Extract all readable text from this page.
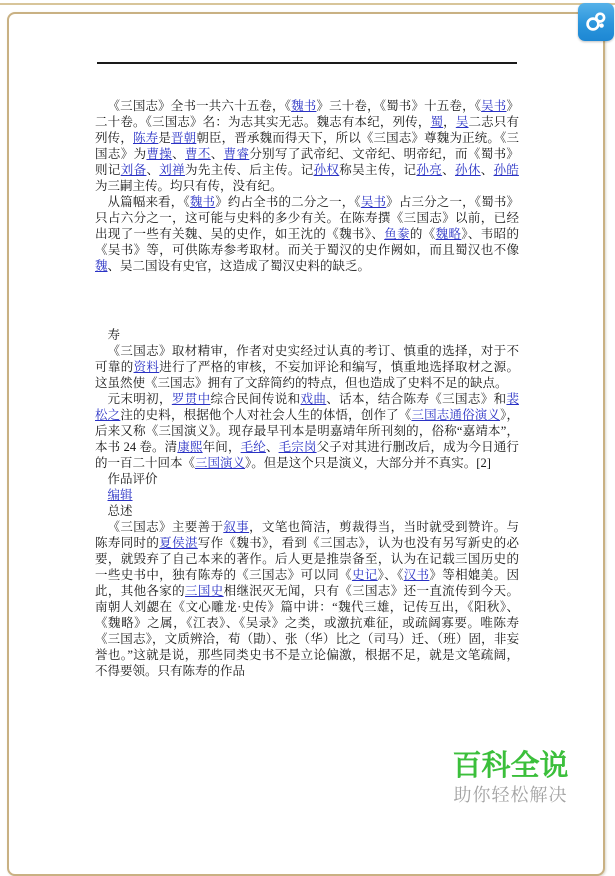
《三国志》全书一共六十五卷，《魏书》三十卷，《蜀书》十五卷，《吴书》二十卷。《三国志》名：为志其实无志。魏志有本纪，列传，蜀，吴二志只有列传，陈寿是晋朝朝臣，晋承魏而得天下，所以《三国志》尊魏为正统。《三国志》为曹操、曹丕、曹睿分别写了武帝纪、文帝纪、明帝纪，而《蜀书》则记刘备、刘禅为先主传、后主传。记孙权称吴主传，记孙亮、孙休、孙皓为三嗣主传。均只有传，没有纪。

从篇幅来看，《魏书》约占全书的二分之一，《吴书》占三分之一，《蜀书》只占六分之一，这可能与史料的多少有关。在陈寿撰《三国志》以前，已经出现了一些有关魏、吴的史作，如王沈的《魏书》、鱼豢的《魏略》、韦昭的《吴书》等，可供陈寿参考取材。而关于蜀汉的史作阙如，而且蜀汉也不像魏、吴二国设有史官，这造成了蜀汉史料的缺乏。

寿

《三国志》取材精审，作者对史实经过认真的考订、慎重的选择，对于不可靠的资料进行了严格的审核，不妄加评论和编写，慎重地选择取材之源。这虽然使《三国志》拥有了文辞简约的特点，但也造成了史料不足的缺点。

元末明初，罗贯中综合民间传说和戏曲、话本，结合陈寿《三国志》和裴松之注的史料，根据他个人对社会人生的体悟，创作了《三国志通俗演义》，后来又称《三国演义》。现存最早刊本是明嘉靖年所刊刻的，俗称“嘉靖本”，本书 24 卷。清康熙年间，毛纶、毛宗岗父子对其进行删改后，成为今日通行的一百二十回本《三国演义》。但是这个只是演义，大部分并不真实。[2]

作品评价

编辑

总述

《三国志》主要善于叙事，文笔也简洁，剪裁得当，当时就受到赞许。与陈寿同时的夏侯湛写作《魏书》，看到《三国志》，认为也没有另写新史的必要，就毁弃了自己本来的著作。后人更是推崇备至，认为在记载三国历史的一些史书中，独有陈寿的《三国志》可以同《史记》、《汉书》等相媲美。因此，其他各家的三国史相继泯灭无闻，只有《三国志》还一直流传到今天。南朝人刘勰在《文心雕龙·史传》篇中讲：“魏代三雄，记传互出，《阳秋》、《魏略》之属，《江表》、《吴录》之类，或激抗难征，或疏阔寡要。唯陈寿《三国志》，文质辨洽，荀（勖）、张（华）比之（司马）迁、（班）固，非妄誉也。”这就是说，那些同类史书不是立论偏激，根据不足，就是文笔疏阔，不得要领。只有陈寿的作品

百科全说
助你轻松解决
